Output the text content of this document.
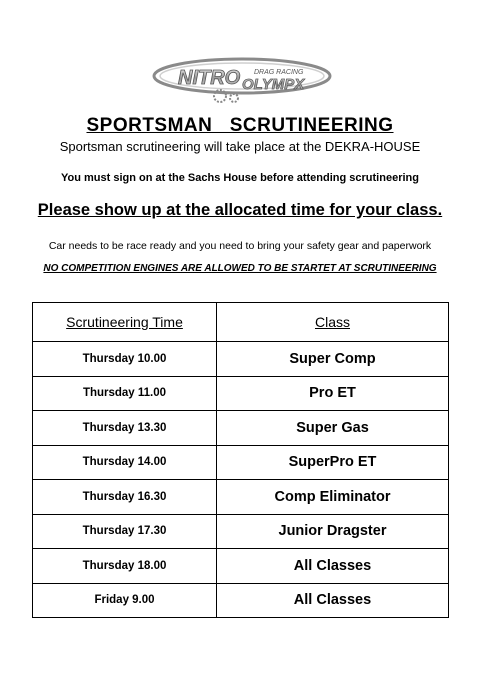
NITRO OLYMPX
DRAG RACING
SPORTSMAN   SCRUTINEERING
Sportsman scrutineering will take place at the DEKRA-HOUSE
You must sign on at the Sachs House before attending scrutineering
Please show up at the allocated time for your class.
Car needs to be race ready and you need to bring your safety gear and paperwork
NO COMPETITION ENGINES ARE ALLOWED TO BE STARTET AT SCRUTINEERING
Scrutineering Time	Class
Thursday 10.00	Super Comp
Thursday 11.00	Pro ET
Thursday 13.30	Super Gas
Thursday 14.00	SuperPro ET
Thursday 16.30	Comp Eliminator
Thursday 17.30	Junior Dragster
Thursday 18.00	All Classes
Friday 9.00	All Classes
